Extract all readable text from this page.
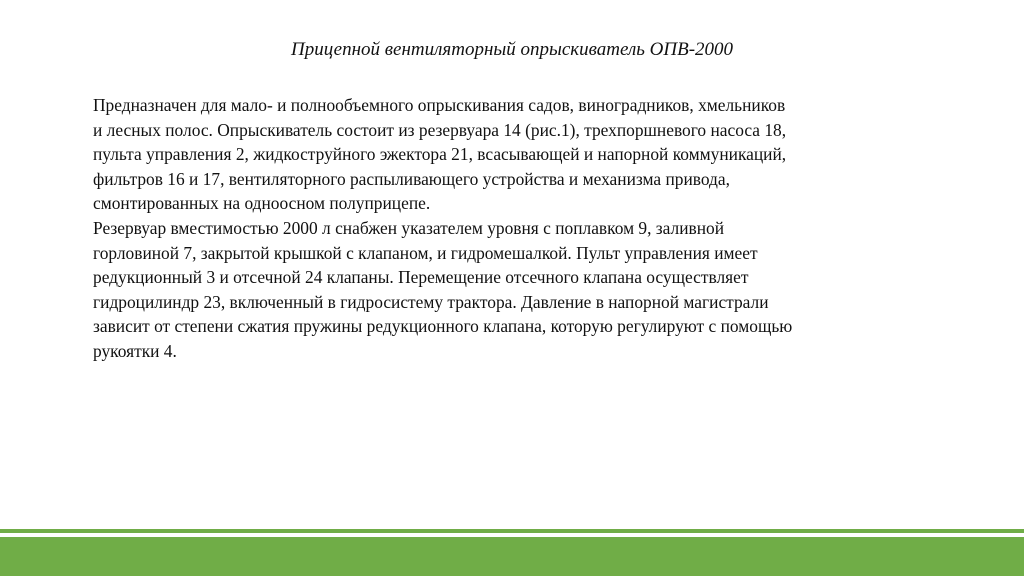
Прицепной вентиляторный опрыскиватель ОПВ-2000
Предназначен для мало- и полнообъемного опрыскивания садов, виноградников, хмельников
и лесных полос. Опрыскиватель состоит из резервуара 14 (рис.1), трехпоршневого насоса 18,
пульта управления 2, жидкоструйного эжектора 21, всасывающей и напорной коммуникаций,
фильтров 16 и 17, вентиляторного распыливающего устройства и механизма привода,
смонтированных на одноосном полуприцепе.
Резервуар вместимостью 2000 л снабжен указателем уровня с поплавком 9, заливной
горловиной 7, закрытой крышкой с клапаном, и гидромешалкой. Пульт управления имеет
редукционный 3 и отсечной 24 клапаны. Перемещение отсечного клапана осуществляет
гидроцилиндр 23, включенный в гидросистему трактора. Давление в напорной магистрали
зависит от степени сжатия пружины редукционного клапана, которую регулируют с помощью
рукоятки 4.
